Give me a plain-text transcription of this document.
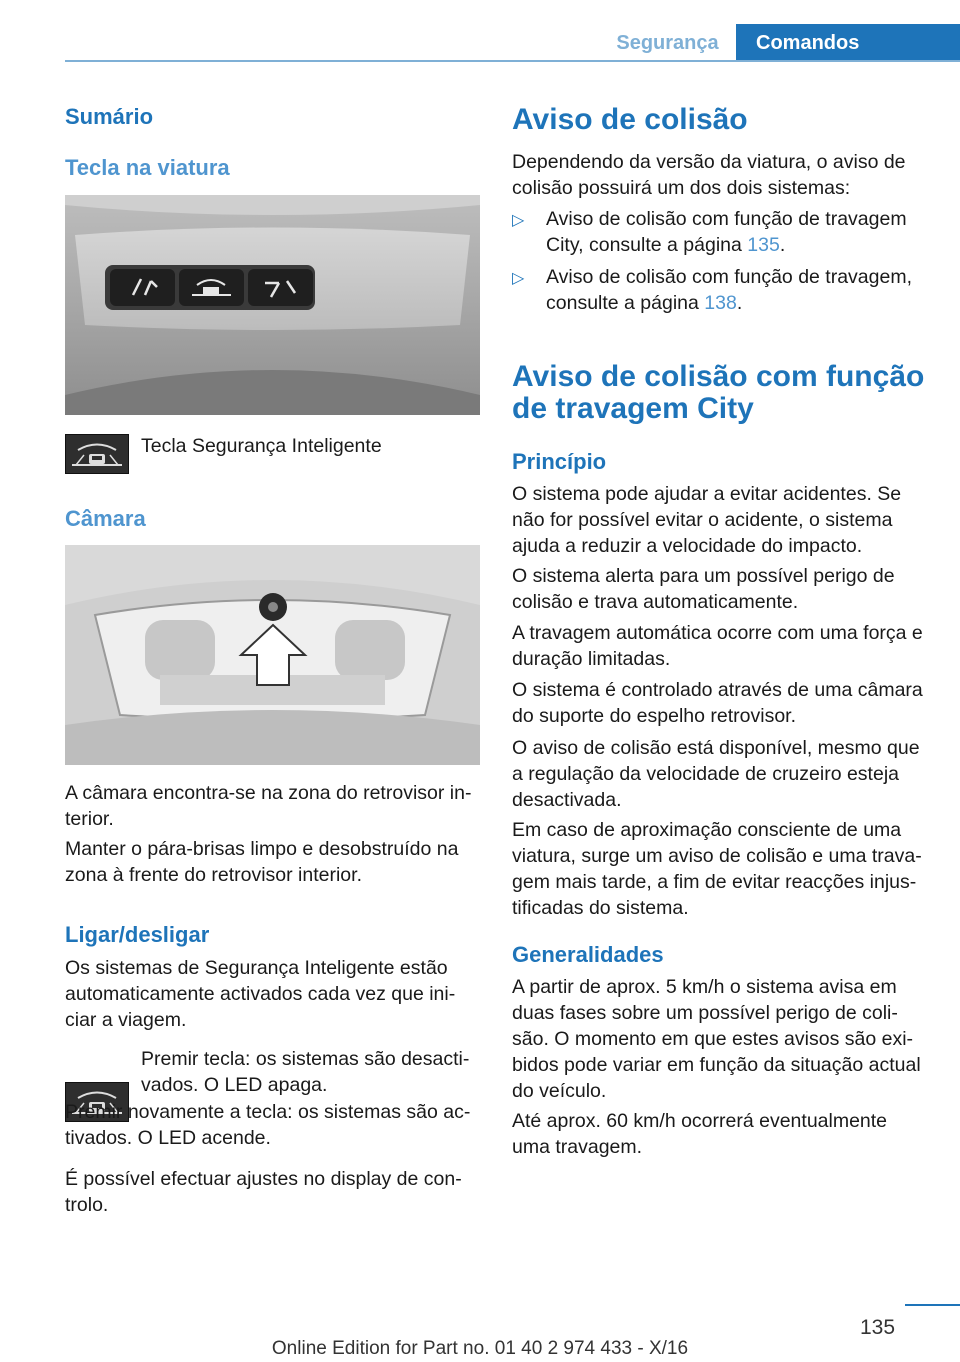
Segurança	Comandos
Sumário
Tecla na viatura
Tecla Segurança Inteligente
Câmara
A câmara encontra-se na zona do retrovisor in-terior.
Manter o pára-brisas limpo e desobstruído na zona à frente do retrovisor interior.
Ligar/desligar
Os sistemas de Segurança Inteligente estão automaticamente activados cada vez que ini-ciar a viagem.
Premir tecla: os sistemas são desacti-vados. O LED apaga.
Premir novamente a tecla: os sistemas são ac-tivados. O LED acende.
É possível efectuar ajustes no display de con-trolo.
Aviso de colisão
Dependendo da versão da viatura, o aviso de colisão possuirá um dos dois sistemas:
▷ Aviso de colisão com função de travagem City, consulte a página 135.
▷ Aviso de colisão com função de travagem, consulte a página 138.
Aviso de colisão com função de travagem City
Princípio
O sistema pode ajudar a evitar acidentes. Se não for possível evitar o acidente, o sistema ajuda a reduzir a velocidade do impacto.
O sistema alerta para um possível perigo de colisão e trava automaticamente.
A travagem automática ocorre com uma força e duração limitadas.
O sistema é controlado através de uma câmara do suporte do espelho retrovisor.
O aviso de colisão está disponível, mesmo que a regulação da velocidade de cruzeiro esteja desactivada.
Em caso de aproximação consciente de uma viatura, surge um aviso de colisão e uma trava-gem mais tarde, a fim de evitar reacções injus-tificadas do sistema.
Generalidades
A partir de aprox. 5 km/h o sistema avisa em duas fases sobre um possível perigo de coli-são. O momento em que estes avisos são exi-bidos pode variar em função da situação actual do veículo.
Até aprox. 60 km/h ocorrerá eventualmente uma travagem.
135
Online Edition for Part no. 01 40 2 974 433 - X/16
